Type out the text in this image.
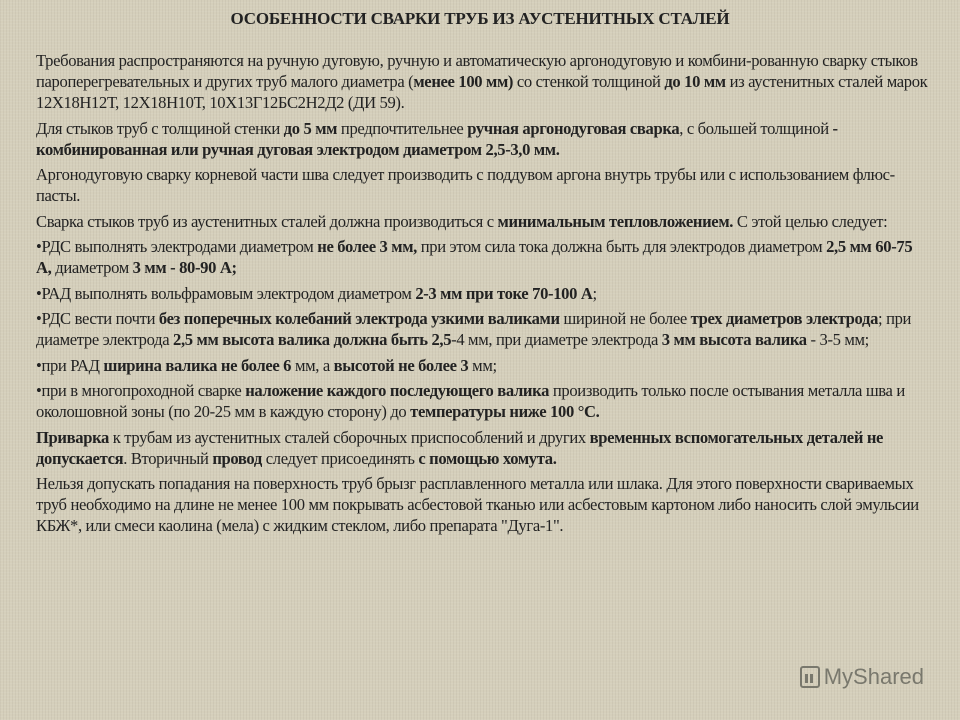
ОСОБЕННОСТИ СВАРКИ ТРУБ ИЗ АУСТЕНИТНЫХ СТАЛЕЙ

Требования распространяются на ручную дуговую, ручную и автоматическую аргонодуговую и комбини-рованную сварку стыков пароперегревательных и других труб малого диаметра (менее 100 мм) со стенкой толщиной до 10 мм из аустенитных сталей марок 12Х18Н12Т, 12Х18Н10Т, 10Х13Г12БС2Н2Д2 (ДИ 59).

Для стыков труб с толщиной стенки до 5 мм предпочтительнее ручная аргонодуговая сварка, с большей толщиной - комбинированная или ручная дуговая электродом диаметром 2,5-3,0 мм.

Аргонодуговую сварку корневой части шва следует производить с поддувом аргона внутрь трубы или с использованием флюс-пасты.

Сварка стыков труб из аустенитных сталей должна производиться с минимальным тепловложением. С этой целью следует:

•РДС выполнять электродами диаметром не более 3 мм, при этом сила тока должна быть для электродов диаметром 2,5 мм 60-75 А, диаметром 3 мм - 80-90 А;

•РАД выполнять вольфрамовым электродом диаметром 2-3 мм при токе 70-100 А;

•РДС вести почти без поперечных колебаний электрода узкими валиками шириной не более трех диаметров электрода; при диаметре электрода 2,5 мм высота валика должна быть 2,5-4 мм, при диаметре электрода 3 мм высота валика - 3-5 мм;

•при РАД ширина валика не более 6 мм, а высотой не более 3 мм;

•при в многопроходной сварке наложение каждого последующего валика производить только после остывания металла шва и околошовной зоны (по 20-25 мм в каждую сторону) до температуры ниже 100 °С.

Приварка к трубам из аустенитных сталей сборочных приспособлений и других временных вспомогательных деталей не допускается. Вторичный провод следует присоединять с помощью хомута.

Нельзя допускать попадания на поверхность труб брызг расплавленного металла или шлака. Для этого поверхности свариваемых труб необходимо на длине не менее 100 мм покрывать асбестовой тканью или асбестовым картоном либо наносить слой эмульсии КБЖ*, или смеси каолина (мела) с жидким стеклом, либо препарата "Дуга-1".

MyShared
